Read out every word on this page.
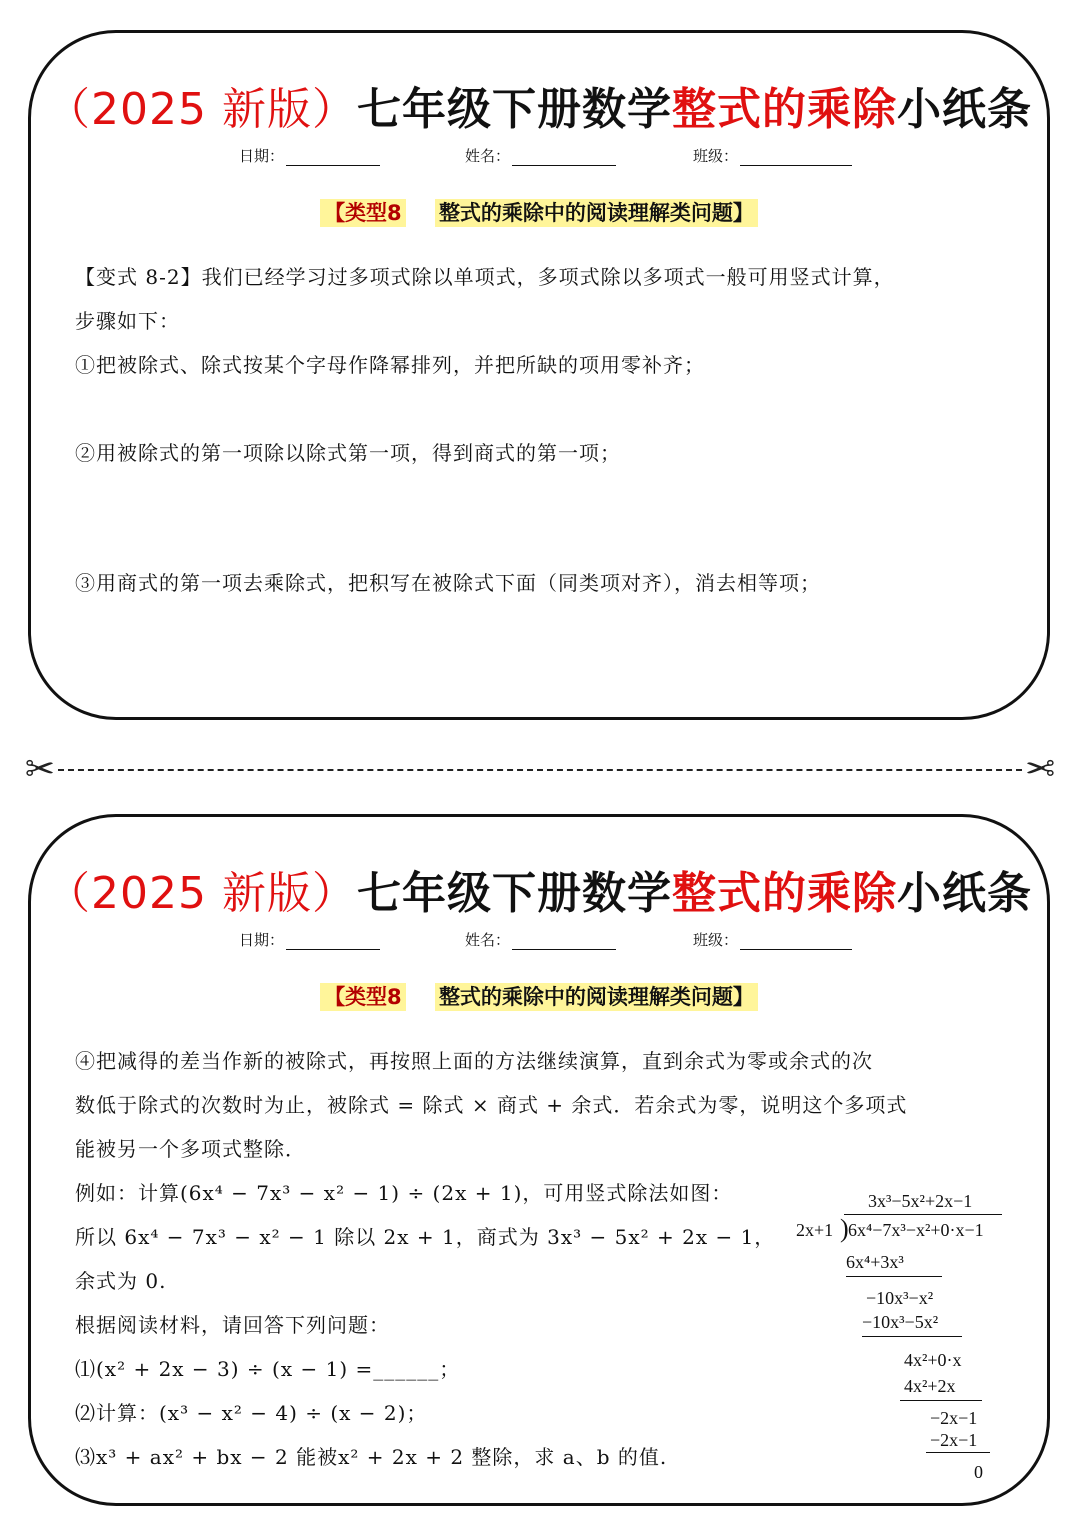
（2025 新版）七年级下册数学整式的乘除小纸条
日期：	姓名：	班级：
【类型8 整式的乘除中的阅读理解类问题】
【变式 8-2】我们已经学习过多项式除以单项式，多项式除以多项式一般可用竖式计算，
步骤如下：
①把被除式、除式按某个字母作降幂排列，并把所缺的项用零补齐；
②用被除式的第一项除以除式第一项，得到商式的第一项；
③用商式的第一项去乘除式，把积写在被除式下面（同类项对齐），消去相等项；
✂	✂
（2025 新版）七年级下册数学整式的乘除小纸条
日期：	姓名：	班级：
【类型8 整式的乘除中的阅读理解类问题】
④把减得的差当作新的被除式，再按照上面的方法继续演算，直到余式为零或余式的次
数低于除式的次数时为止，被除式 = 除式 × 商式 + 余式．若余式为零，说明这个多项式
能被另一个多项式整除．
例如：计算(6x⁴ − 7x³ − x² − 1) ÷ (2x + 1)，可用竖式除法如图：
所以 6x⁴ − 7x³ − x² − 1 除以 2x + 1，商式为 3x³ − 5x² + 2x − 1，
余式为 0.
根据阅读材料，请回答下列问题：
⑴(x² + 2x − 3) ÷ (x − 1) =______；
⑵计算：(x³ − x² − 4) ÷ (x − 2)；
⑶x³ + ax² + bx − 2 能被x² + 2x + 2 整除，求 a、b 的值.
3x³−5x²+2x−1
2x+1 ) 6x⁴−7x³−x²+0·x−1
6x⁴+3x³
−10x³−x²
−10x³−5x²
4x²+0·x
4x²+2x
−2x−1
−2x−1
0
